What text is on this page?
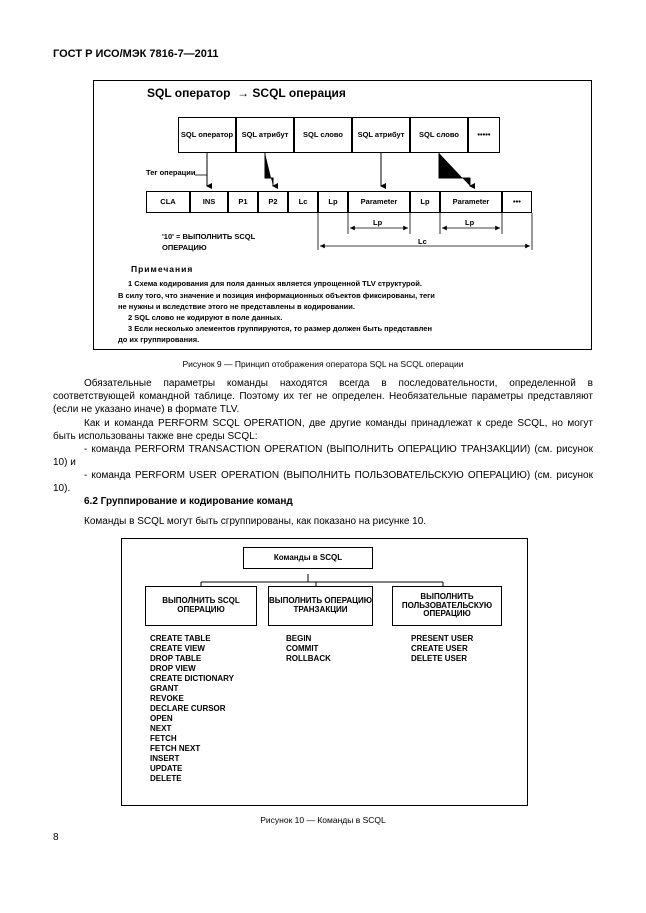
ГОСТ Р ИСО/МЭК 7816-7—2011
SQL оператор  → SCQL операция
SQL оператор SQL атрибут SQL слово SQL атрибут SQL слово •••••
Тег операции
CLA	INS	P1	P2	Lc	Lp	Parameter	Lp	Parameter	•••
Lp	Lp
Lc
'10' = ВЫПОЛНИТЬ SCQL ОПЕРАЦИЮ
Примечания
1 Схема кодирования для поля данных является упрощенной TLV структурой.
В силу того, что значение и позиция информационных объектов фиксированы, теги
не нужны и вследствие этого не представлены в кодировании.
2 SQL слово не кодируют в поле данных.
3 Если несколько элементов группируются, то размер должен быть представлен
до их группирования.
Рисунок 9 — Принцип отображения оператора SQL на SCQL операции
Обязательные параметры команды находятся всегда в последовательности, определенной в соответствующей командной таблице. Поэтому их тег не определен. Необязательные параметры представляют (если не указано иначе) в формате TLV.
Как и команда PERFORM SCQL OPERATION, две другие команды принадлежат к среде SCQL, но могут быть использованы также вне среды SCQL:
- команда PERFORM TRANSACTION OPERATION (ВЫПОЛНИТЬ ОПЕРАЦИЮ ТРАНЗАКЦИИ) (см. рисунок 10) и
- команда PERFORM USER OPERATION (ВЫПОЛНИТЬ ПОЛЬЗОВАТЕЛЬСКУЮ ОПЕРАЦИЮ) (см. рисунок 10).
6.2 Группирование и кодирование команд
Команды в SCQL могут быть сгруппированы, как показано на рисунке 10.
Команды в SCQL
ВЫПОЛНИТЬ SCQL ОПЕРАЦИЮ
ВЫПОЛНИТЬ ОПЕРАЦИЮ ТРАНЗАКЦИИ
ВЫПОЛНИТЬ ПОЛЬЗОВАТЕЛЬСКУЮ ОПЕРАЦИЮ
CREATE TABLE
CREATE VIEW
DROP TABLE
DROP VIEW
CREATE DICTIONARY
GRANT
REVOKE
DECLARE CURSOR
OPEN
NEXT
FETCH
FETCH NEXT
INSERT
UPDATE
DELETE
BEGIN
COMMIT
ROLLBACK
PRESENT USER
CREATE USER
DELETE USER
Рисунок 10 — Команды в SCQL
8
